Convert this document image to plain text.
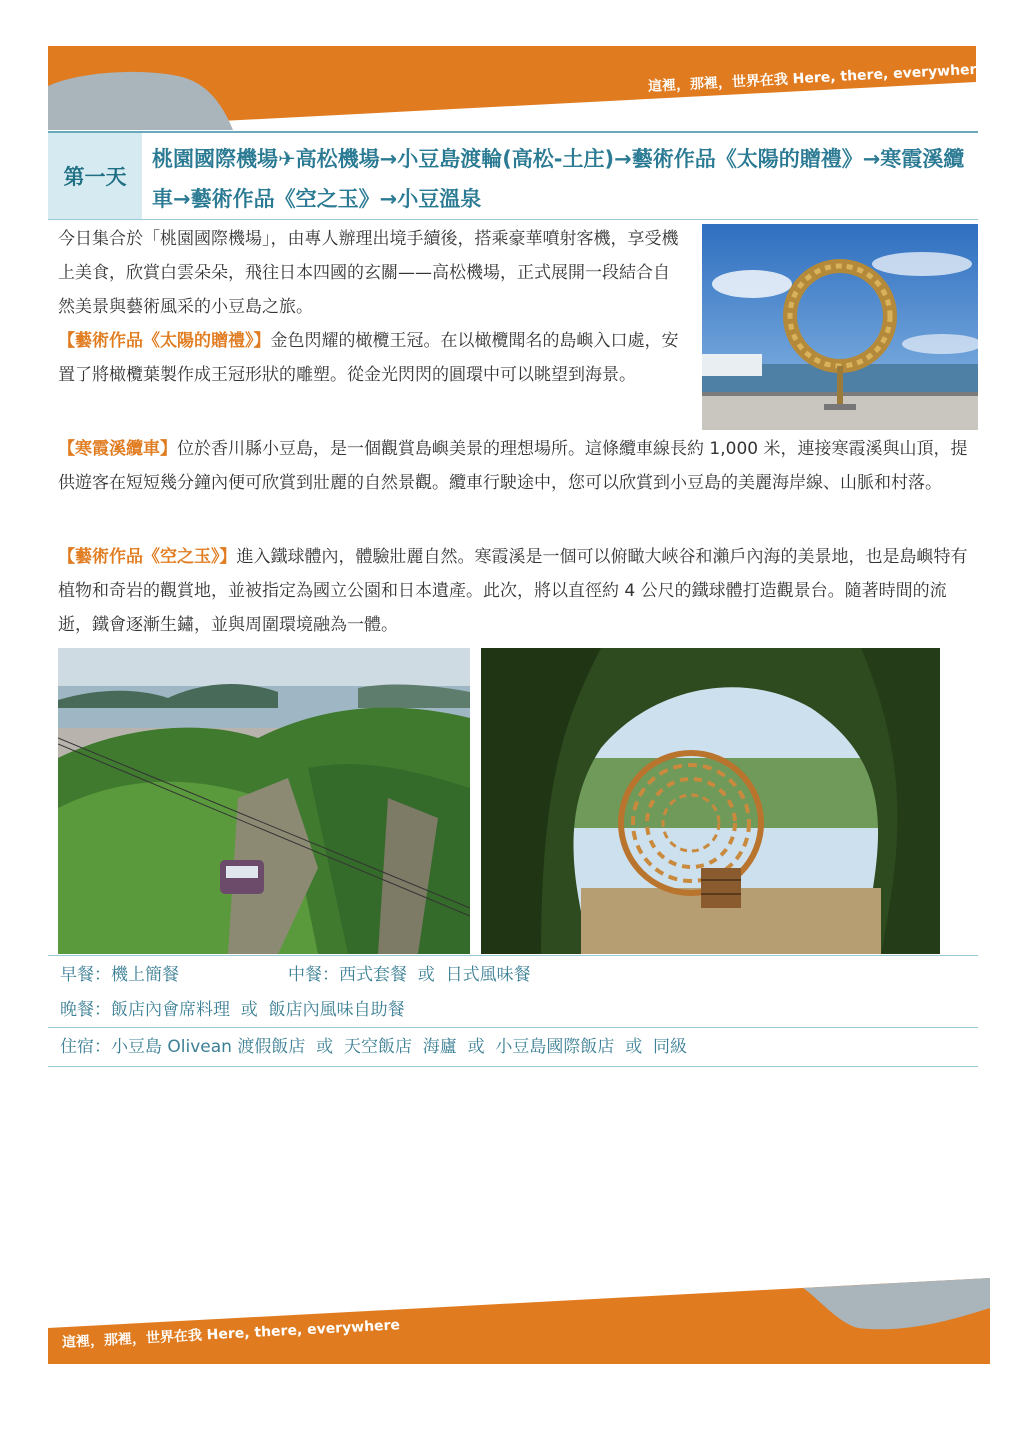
這裡，那裡，世界在我 Here, there, everywhere
第一天
桃園國際機場✈高松機場→小豆島渡輪(高松-土庄)→藝術作品《太陽的贈禮》→寒霞溪纜車→藝術作品《空之玉》→小豆溫泉
今日集合於「桃園國際機場」，由專人辦理出境手續後，搭乘豪華噴射客機，享受機上美食，欣賞白雲朵朵，飛往日本四國的玄關——高松機場，正式展開一段結合自然美景與藝術風采的小豆島之旅。
【藝術作品《太陽的贈禮》】金色閃耀的橄欖王冠。在以橄欖聞名的島嶼入口處，安置了將橄欖葉製作成王冠形狀的雕塑。從金光閃閃的圓環中可以眺望到海景。
【寒霞溪纜車】位於香川縣小豆島，是一個觀賞島嶼美景的理想場所。這條纜車線長約 1,000 米，連接寒霞溪與山頂，提供遊客在短短幾分鐘內便可欣賞到壯麗的自然景觀。纜車行駛途中，您可以欣賞到小豆島的美麗海岸線、山脈和村落。
【藝術作品《空之玉》】進入鐵球體內，體驗壯麗自然。寒霞溪是一個可以俯瞰大峽谷和瀨戶內海的美景地，也是島嶼特有植物和奇岩的觀賞地，並被指定為國立公園和日本遺產。此次，將以直徑約 4 公尺的鐵球體打造觀景台。隨著時間的流逝，鐵會逐漸生鏽，並與周圍環境融為一體。
早餐：機上簡餐	中餐：西式套餐  或  日式風味餐
晚餐：飯店內會席料理  或  飯店內風味自助餐
住宿：小豆島 Olivean 渡假飯店  或  天空飯店  海廬  或  小豆島國際飯店  或  同級
這裡，那裡，世界在我 Here, there, everywhere
